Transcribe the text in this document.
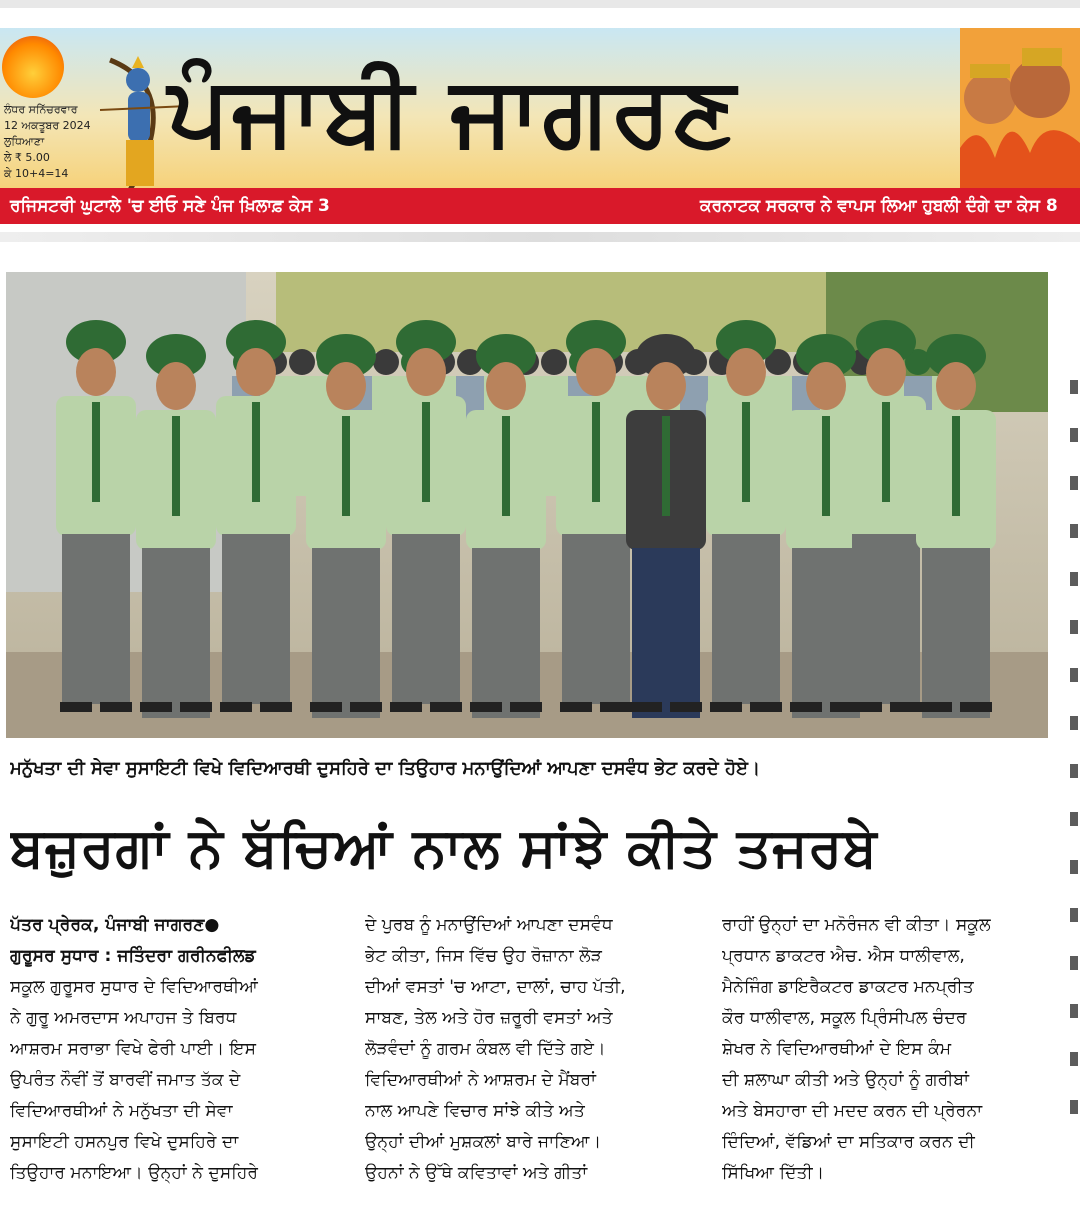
ਲੰਧਰ ਸਨਿੱਚਰਵਾਰ
12 ਅਕਤੂਬਰ 2024
ਲੁਧਿਆਣਾ
ਲੇ ₹ 5.00
ਕੇ 10+4=14
ਪੰਜਾਬੀ ਜਾਗਰਣ
ਰਜਿਸਟਰੀ ਘੁਟਾਲੇ 'ਚ ਈਓ ਸਣੇ ਪੰਜ ਖ਼ਿਲਾਫ਼ ਕੇਸ 3	ਕਰਨਾਟਕ ਸਰਕਾਰ ਨੇ ਵਾਪਸ ਲਿਆ ਹੁਬਲੀ ਦੰਗੇ ਦਾ ਕੇਸ 8
ਮਨੁੱਖਤਾ ਦੀ ਸੇਵਾ ਸੁਸਾਇਟੀ ਵਿਖੇ ਵਿਦਿਆਰਥੀ ਦੁਸਹਿਰੇ ਦਾ ਤਿਉਹਾਰ ਮਨਾਉਂਦਿਆਂ ਆਪਣਾ ਦਸਵੰਧ ਭੇਟ ਕਰਦੇ ਹੋਏ।
ਬਜ਼ੁਰਗਾਂ ਨੇ ਬੱਚਿਆਂ ਨਾਲ ਸਾਂਝੇ ਕੀਤੇ ਤਜਰਬੇ
ਪੱਤਰ ਪ੍ਰੇਰਕ, ਪੰਜਾਬੀ ਜਾਗਰਣ●
ਗੁਰੂਸਰ ਸੁਧਾਰ : ਜਤਿੰਦਰਾ ਗਰੀਨਫੀਲਡ
ਸਕੂਲ ਗੁਰੂਸਰ ਸੁਧਾਰ ਦੇ ਵਿਦਿਆਰਥੀਆਂ
ਨੇ ਗੁਰੂ ਅਮਰਦਾਸ ਅਪਾਹਜ ਤੇ ਬਿਰਧ
ਆਸ਼ਰਮ ਸਰਾਭਾ ਵਿਖੇ ਫੇਰੀ ਪਾਈ। ਇਸ
ਉਪਰੰਤ ਨੌਵੀਂ ਤੋਂ ਬਾਰਵੀਂ ਜਮਾਤ ਤੱਕ ਦੇ
ਵਿਦਿਆਰਥੀਆਂ ਨੇ ਮਨੁੱਖਤਾ ਦੀ ਸੇਵਾ
ਸੁਸਾਇਟੀ ਹਸਨਪੁਰ ਵਿਖੇ ਦੁਸਹਿਰੇ ਦਾ
ਤਿਉਹਾਰ ਮਨਾਇਆ। ਉਨ੍ਹਾਂ ਨੇ ਦੁਸਹਿਰੇ
ਦੇ ਪੁਰਬ ਨੂੰ ਮਨਾਉਂਦਿਆਂ ਆਪਣਾ ਦਸਵੰਧ
ਭੇਟ ਕੀਤਾ, ਜਿਸ ਵਿੱਚ ਉਹ ਰੋਜ਼ਾਨਾ ਲੋੜ
ਦੀਆਂ ਵਸਤਾਂ 'ਚ ਆਟਾ, ਦਾਲਾਂ, ਚਾਹ ਪੱਤੀ,
ਸਾਬਣ, ਤੇਲ ਅਤੇ ਹੋਰ ਜ਼ਰੂਰੀ ਵਸਤਾਂ ਅਤੇ
ਲੋੜਵੰਦਾਂ ਨੂੰ ਗਰਮ ਕੰਬਲ ਵੀ ਦਿੱਤੇ ਗਏ।
ਵਿਦਿਆਰਥੀਆਂ ਨੇ ਆਸ਼ਰਮ ਦੇ ਮੈਂਬਰਾਂ
ਨਾਲ ਆਪਣੇ ਵਿਚਾਰ ਸਾਂਝੇ ਕੀਤੇ ਅਤੇ
ਉਨ੍ਹਾਂ ਦੀਆਂ ਮੁਸ਼ਕਲਾਂ ਬਾਰੇ ਜਾਣਿਆ।
ਉਹਨਾਂ ਨੇ ਉੱਥੇ ਕਵਿਤਾਵਾਂ ਅਤੇ ਗੀਤਾਂ
ਰਾਹੀਂ ਉਨ੍ਹਾਂ ਦਾ ਮਨੋਰੰਜਨ ਵੀ ਕੀਤਾ। ਸਕੂਲ
ਪ੍ਰਧਾਨ ਡਾਕਟਰ ਐਚ. ਐਸ ਧਾਲੀਵਾਲ,
ਮੈਨੇਜਿੰਗ ਡਾਇਰੈਕਟਰ ਡਾਕਟਰ ਮਨਪ੍ਰੀਤ
ਕੌਰ ਧਾਲੀਵਾਲ, ਸਕੂਲ ਪ੍ਰਿੰਸੀਪਲ ਚੰਦਰ
ਸ਼ੇਖਰ ਨੇ ਵਿਦਿਆਰਥੀਆਂ ਦੇ ਇਸ ਕੰਮ
ਦੀ ਸ਼ਲਾਘਾ ਕੀਤੀ ਅਤੇ ਉਨ੍ਹਾਂ ਨੂੰ ਗਰੀਬਾਂ
ਅਤੇ ਬੇਸਹਾਰਾ ਦੀ ਮਦਦ ਕਰਨ ਦੀ ਪ੍ਰੇਰਨਾ
ਦਿੰਦਿਆਂ, ਵੱਡਿਆਂ ਦਾ ਸਤਿਕਾਰ ਕਰਨ ਦੀ
ਸਿੱਖਿਆ ਦਿੱਤੀ।
